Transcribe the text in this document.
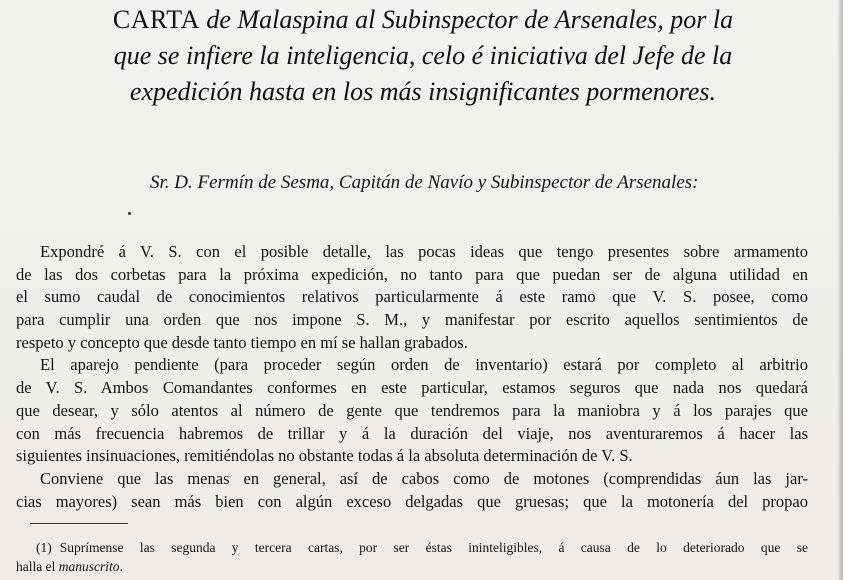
CARTA de Malaspina al Subinspector de Arsenales, por la
que se infiere la inteligencia, celo é iniciativa del Jefe de la
expedición hasta en los más insignificantes pormenores.
Sr. D. Fermín de Sesma, Capitán de Navío y Subinspector de Arsenales:
Expondré á V. S. con el posible detalle, las pocas ideas que tengo presentes sobre armamento
de las dos corbetas para la próxima expedición, no tanto para que puedan ser de alguna utilidad en
el sumo caudal de conocimientos relativos particularmente á este ramo que V. S. posee, como
para cumplir una orden que nos impone S. M., y manifestar por escrito aquellos sentimientos de
respeto y concepto que desde tanto tiempo en mí se hallan grabados.
El aparejo pendiente (para proceder según orden de inventario) estará por completo al arbitrio
de V. S. Ambos Comandantes conformes en este particular, estamos seguros que nada nos quedará
que desear, y sólo atentos al número de gente que tendremos para la maniobra y á los parajes que
con más frecuencia habremos de trillar y á la duración del viaje, nos aventuraremos á hacer las
siguientes insinuaciones, remitiéndolas no obstante todas á la absoluta determinación de V. S.
Conviene que las menas en general, así de cabos como de motones (comprendidas áun las jar-
cias mayores) sean más bien con algún exceso delgadas que gruesas; que la motonería del propao
(1) Suprímense las segunda y tercera cartas, por ser éstas ininteligibles, á causa de lo deteriorado que se
halla el manuscrito.
